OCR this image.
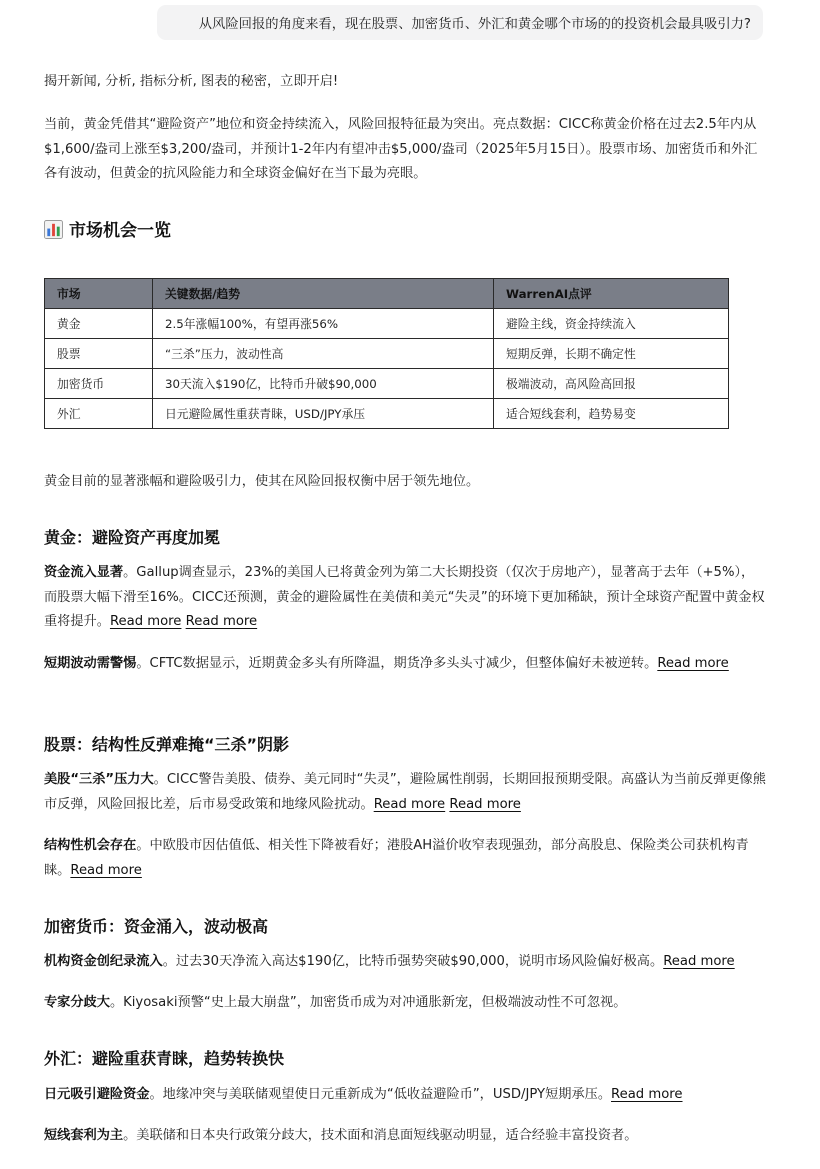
从风险回报的角度来看，现在股票、加密货币、外汇和黄金哪个市场的的投资机会最具吸引力?
揭开新闻, 分析, 指标分析, 图表的秘密，立即开启!
当前，黄金凭借其“避险资产”地位和资金持续流入，风险回报特征最为突出。亮点数据：CICC称黄金价格在过去2.5年内从$1,600/盎司上涨至$3,200/盎司，并预计1-2年内有望冲击$5,000/盎司（2025年5月15日）。股票市场、加密货币和外汇各有波动，但黄金的抗风险能力和全球资金偏好在当下最为亮眼。
市场机会一览
市场	关键数据/趋势	WarrenAI点评
黄金	2.5年涨幅100%，有望再涨56%	避险主线，资金持续流入
股票	“三杀”压力，波动性高	短期反弹，长期不确定性
加密货币	30天流入$190亿，比特币升破$90,000	极端波动，高风险高回报
外汇	日元避险属性重获青睐，USD/JPY承压	适合短线套利，趋势易变
黄金目前的显著涨幅和避险吸引力，使其在风险回报权衡中居于领先地位。
黄金：避险资产再度加冕
资金流入显著。Gallup调查显示，23%的美国人已将黄金列为第二大长期投资（仅次于房地产），显著高于去年（+5%），而股票大幅下滑至16%。CICC还预测，黄金的避险属性在美债和美元“失灵”的环境下更加稀缺，预计全球资产配置中黄金权重将提升。Read more Read more
短期波动需警惕。CFTC数据显示，近期黄金多头有所降温，期货净多头头寸减少，但整体偏好未被逆转。Read more
股票：结构性反弹难掩“三杀”阴影
美股“三杀”压力大。CICC警告美股、债券、美元同时“失灵”，避险属性削弱，长期回报预期受限。高盛认为当前反弹更像熊市反弹，风险回报比差，后市易受政策和地缘风险扰动。Read more Read more
结构性机会存在。中欧股市因估值低、相关性下降被看好；港股AH溢价收窄表现强劲，部分高股息、保险类公司获机构青睐。Read more
加密货币：资金涌入，波动极高
机构资金创纪录流入。过去30天净流入高达$190亿，比特币强势突破$90,000，说明市场风险偏好极高。Read more
专家分歧大。Kiyosaki预警“史上最大崩盘”，加密货币成为对冲通胀新宠，但极端波动性不可忽视。
外汇：避险重获青睐，趋势转换快
日元吸引避险资金。地缘冲突与美联储观望使日元重新成为“低收益避险币”，USD/JPY短期承压。Read more
短线套利为主。美联储和日本央行政策分歧大，技术面和消息面短线驱动明显，适合经验丰富投资者。
